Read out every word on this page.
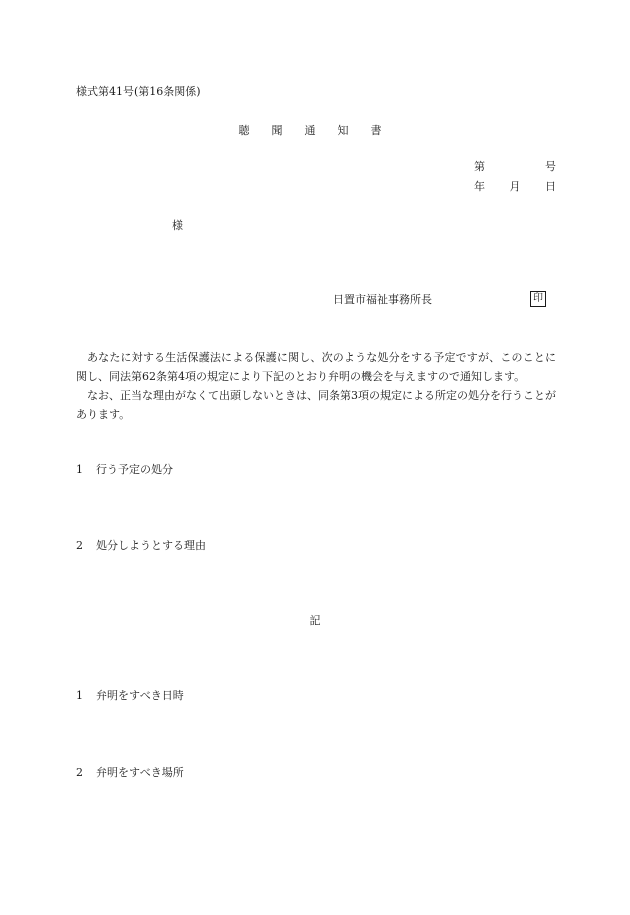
様式第41号(第16条関係)
聴聞通知書
第	号
年 月 日
様
日置市福祉事務所長	印

あなたに対する生活保護法による保護に関し、次のような処分をする予定ですが、このことに関し、同法第62条第4項の規定により下記のとおり弁明の機会を与えますので通知します。

なお、正当な理由がなくて出頭しないときは、同条第3項の規定による所定の処分を行うことがあります。

1 行う予定の処分
2 処分しようとする理由
記
1 弁明をすべき日時
2 弁明をすべき場所
